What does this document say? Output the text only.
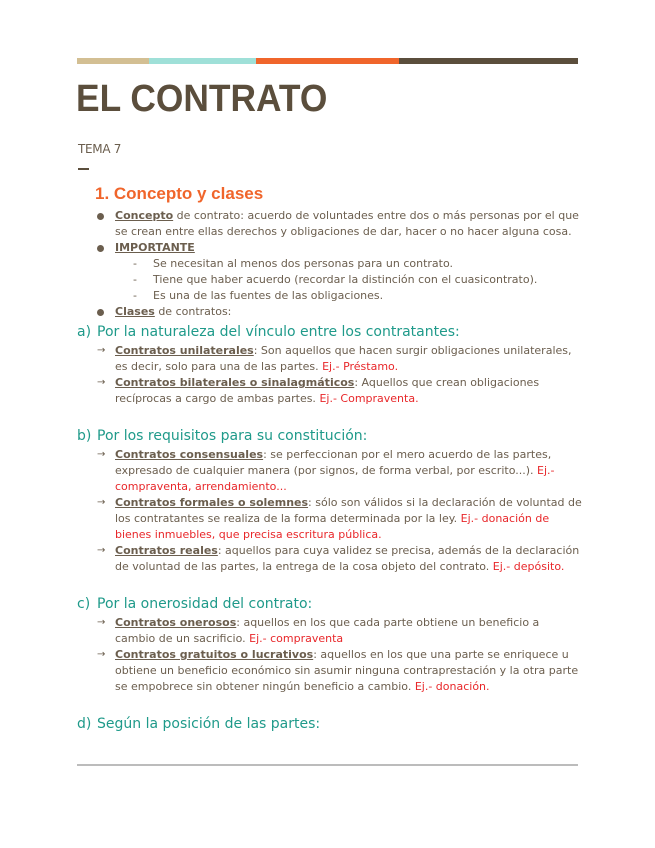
EL CONTRATO
TEMA 7
1. Concepto y clases
Concepto de contrato: acuerdo de voluntades entre dos o más personas por el que se crean entre ellas derechos y obligaciones de dar, hacer o no hacer alguna cosa.
IMPORTANTE
- Se necesitan al menos dos personas para un contrato.
- Tiene que haber acuerdo (recordar la distinción con el cuasicontrato).
- Es una de las fuentes de las obligaciones.
Clases de contratos:
a) Por la naturaleza del vínculo entre los contratantes:
→ Contratos unilaterales: Son aquellos que hacen surgir obligaciones unilaterales, es decir, solo para una de las partes. Ej.- Préstamo.
→ Contratos bilaterales o sinalagmáticos: Aquellos que crean obligaciones recíprocas a cargo de ambas partes. Ej.- Compraventa.
b) Por los requisitos para su constitución:
→ Contratos consensuales: se perfeccionan por el mero acuerdo de las partes, expresado de cualquier manera (por signos, de forma verbal, por escrito...). Ej.- compraventa, arrendamiento...
→ Contratos formales o solemnes: sólo son válidos si la declaración de voluntad de los contratantes se realiza de la forma determinada por la ley. Ej.- donación de bienes inmuebles, que precisa escritura pública.
→ Contratos reales: aquellos para cuya validez se precisa, además de la declaración de voluntad de las partes, la entrega de la cosa objeto del contrato. Ej.- depósito.
c) Por la onerosidad del contrato:
→ Contratos onerosos: aquellos en los que cada parte obtiene un beneficio a cambio de un sacrificio. Ej.- compraventa
→ Contratos gratuitos o lucrativos: aquellos en los que una parte se enriquece u obtiene un beneficio económico sin asumir ninguna contraprestación y la otra parte se empobrece sin obtener ningún beneficio a cambio. Ej.- donación.
d) Según la posición de las partes:
